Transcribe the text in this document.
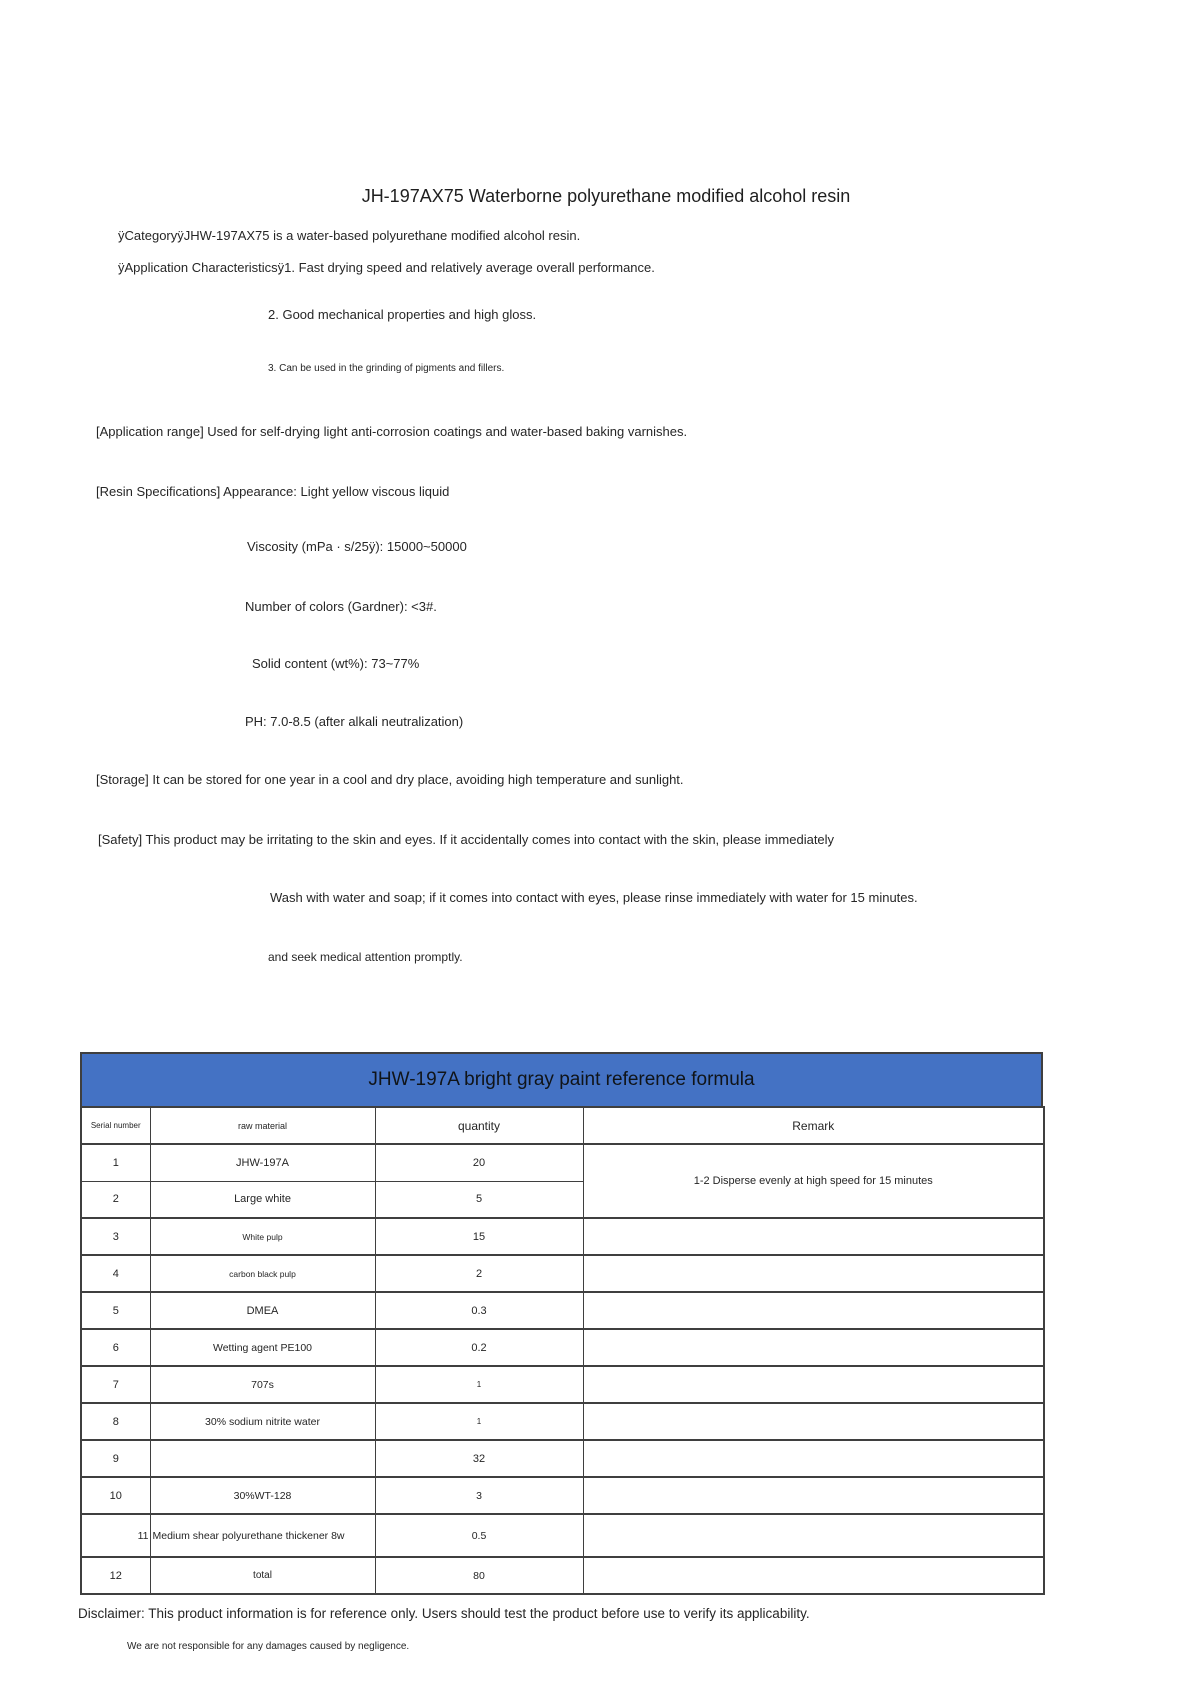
JH-197AX75 Waterborne polyurethane modified alcohol resin
ÿCategoryÿJHW-197AX75 is a water-based polyurethane modified alcohol resin.
ÿApplication Characteristicsÿ1. Fast drying speed and relatively average overall performance.
2. Good mechanical properties and high gloss.
3. Can be used in the grinding of pigments and fillers.
[Application range] Used for self-drying light anti-corrosion coatings and water-based baking varnishes.
[Resin Specifications] Appearance: Light yellow viscous liquid
Viscosity (mPa · s/25ÿ): 15000~50000
Number of colors (Gardner): <3#.
Solid content (wt%): 73~77%
PH: 7.0-8.5 (after alkali neutralization)
[Storage] It can be stored for one year in a cool and dry place, avoiding high temperature and sunlight.
[Safety] This product may be irritating to the skin and eyes. If it accidentally comes into contact with the skin, please immediately
Wash with water and soap; if it comes into contact with eyes, please rinse immediately with water for 15 minutes.
and seek medical attention promptly.
JHW-197A bright gray paint reference formula
Serial number	raw material	quantity	Remark
1	JHW-197A	20	1-2 Disperse evenly at high speed for 15 minutes
2	Large white	5	
3	White pulp	15	
4	carbon black pulp	2	
5	DMEA	0.3	
6	Wetting agent PE100	0.2	
7	707s	1	
8	30% sodium nitrite water	1	
9		32	
10	30%WT-128	3	
11	Medium shear polyurethane thickener 8w	0.5	
12	total	80	
Disclaimer: This product information is for reference only. Users should test the product before use to verify its applicability.
We are not responsible for any damages caused by negligence.
